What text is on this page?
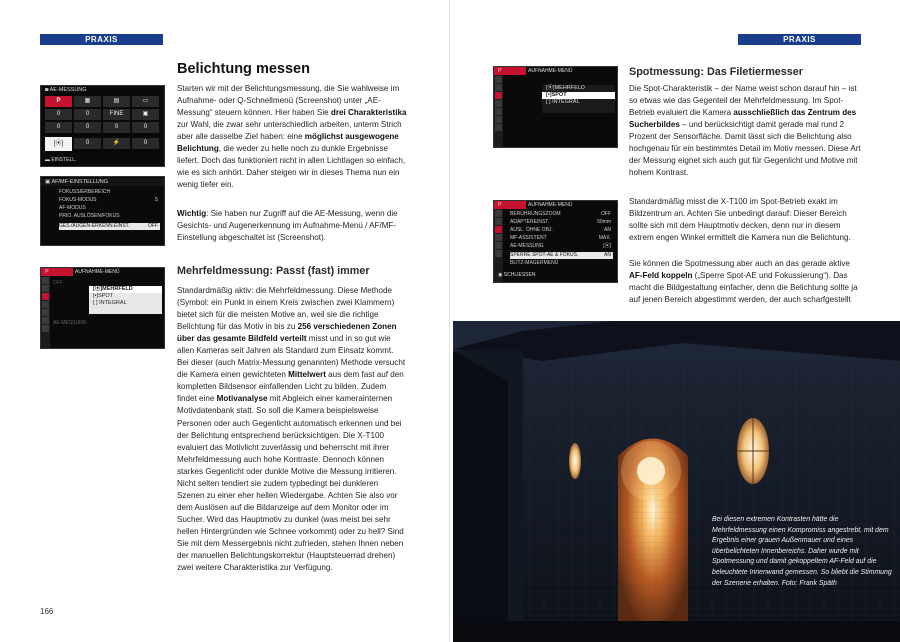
PRAXIS
◙ AE-MESSUNG
P	▦	▤	▭
0	0	FINE	▣
0	0	0	0
[⦿]	0	⚡	0
▬ EINSTELL.
▣ AF/MF-EINSTELLUNG
FOKUSSIERBEREICH
FOKUS-MODUS	S
AF-MODUS
PRIO. AUSLÖSEN/FOKUS
GES./AUGEN-ERKENN.EINST.	OFF
P	AUFNAHME-MENÜ
OFF
AE-MESSUNG
[⦿]MEHRFELD
[•]SPOT
[ ] INTEGRAL
Belichtung messen
Starten wir mit der Belichtungsmessung, die Sie wahlweise im Aufnahme- oder Q-Schnellmenü (Screenshot) unter „AE-Messung“ steuern können. Hier haben Sie drei Charakteristika zur Wahl, die zwar sehr unterschiedlich arbeiten, unterm Strich aber alle dasselbe Ziel haben: eine möglichst ausgewogene Belichtung, die weder zu helle noch zu dunkle Ergebnisse liefert. Doch das funktioniert nicht in allen Lichtlagen so einfach, wie es sich anhört. Daher steigen wir in dieses Thema nun ein wenig tiefer ein.
Wichtig: Sie haben nur Zugriff auf die AE-Messung, wenn die Gesichts- und Augenerkennung im Aufnahme-Menü / AF/MF-Einstellung abgeschaltet ist (Screenshot).
Mehrfeldmessung: Passt (fast) immer
Standardmäßig aktiv: die Mehrfeldmessung. Diese Methode (Symbol: ein Punkt in einem Kreis zwischen zwei Klammern) bietet sich für die meisten Motive an, weil sie die richtige Belichtung für das Motiv in bis zu 256 verschiedenen Zonen über das gesamte Bildfeld verteilt misst und in so gut wie allen Kameras seit Jahren als Standard zum Einsatz kommt. Bei dieser (auch Matrix-Messung genannten) Methode versucht die Kamera einen gewichteten Mittelwert aus dem fast auf den kompletten Bildsensor einfallenden Licht zu bilden. Zudem findet eine Motivanalyse mit Abgleich einer kamerainternen Motivdatenbank statt. So soll die Kamera beispielsweise Personen oder auch Gegenlicht automatisch erkennen und bei der Belichtung entsprechend berücksichtigen. Die X-T100 evaluiert das Motivlicht zuverlässig und beherrscht mit ihrer Mehrfeldmessung auch hohe Kontraste. Dennoch können starkes Gegenlicht oder dunkle Motive die Messung irritieren. Nicht selten tendiert sie zudem typbedingt bei dunkleren Szenen zu einer eher hellen Wiedergabe. Achten Sie also vor dem Auslösen auf die Bildanzeige auf dem Monitor oder im Sucher. Wird das Hauptmotiv zu dunkel (was meist bei sehr hellen Hintergründen wie Schnee vorkommt) oder zu hell? Sind Sie mit dem Messergebnis nicht zufrieden, stehen Ihnen neben der manuellen Belichtungskorrektur (Hauptsteuerrad drehen) zwei weitere Charakteristika zur Verfügung.
166
PRAXIS
P	AUFNAHME-MENÜ
[⦿]MEHRFELD
[•]SPOT
[ ] INTEGRAL
P	AUFNAHME-MENÜ
BERÜHRUNGSZOOM	OFF
ADAPTEREINST.	50mm
AUSL. OHNE OBJ.	AN
MF-ASSISTENT	MAX.
AE-MESSUNG	[⦿]
SPERRE SPOT-AE & FOKUS.	AN
BLITZ-MAGERMENÜ
◉ SCHLIESSEN
Spotmessung: Das Filetiermesser
Die Spot-Charakteristik – der Name weist schon darauf hin – ist so etwas wie das Gegenteil der Mehrfeldmessung. Im Spot-Betrieb evaluiert die Kamera ausschließlich das Zentrum des Sucherbildes – und berücksichtigt damit gerade mal rund 2 Prozent der Sensorfläche. Damit lässt sich die Belichtung also hochgenau für ein bestimmtes Detail im Motiv messen. Diese Art der Messung eignet sich auch gut für Gegenlicht und Motive mit hohem Kontrast.
Standardmäßig misst die X-T100 im Spot-Betrieb exakt im Bildzentrum an. Achten Sie unbedingt darauf: Dieser Bereich sollte sich mit dem Hauptmotiv decken, denn nur in diesem extrem engen Winkel ermittelt die Kamera nun die Belichtung.
Sie können die Spotmessung aber auch an das gerade aktive AF-Feld koppeln („Sperre Spot-AE und Fokussierung“). Das macht die Bildgestaltung einfacher, denn die Belichtung sollte ja auf jenen Bereich abgestimmt werden, der auch scharfgestellt
Bei diesen extremen Kontrasten hätte die Mehrfeldmessung einen Kompromiss angestrebt, mit dem Ergebnis einer grauen Außenmauer und eines überbelichteten Innenbereichs. Daher wurde mit Spotmessung und damit gekoppeltem AF-Feld auf die beleuchtete Innenwand gemessen. So bliebt die Stimmung der Szenerie erhalten. Foto: Frank Späth
